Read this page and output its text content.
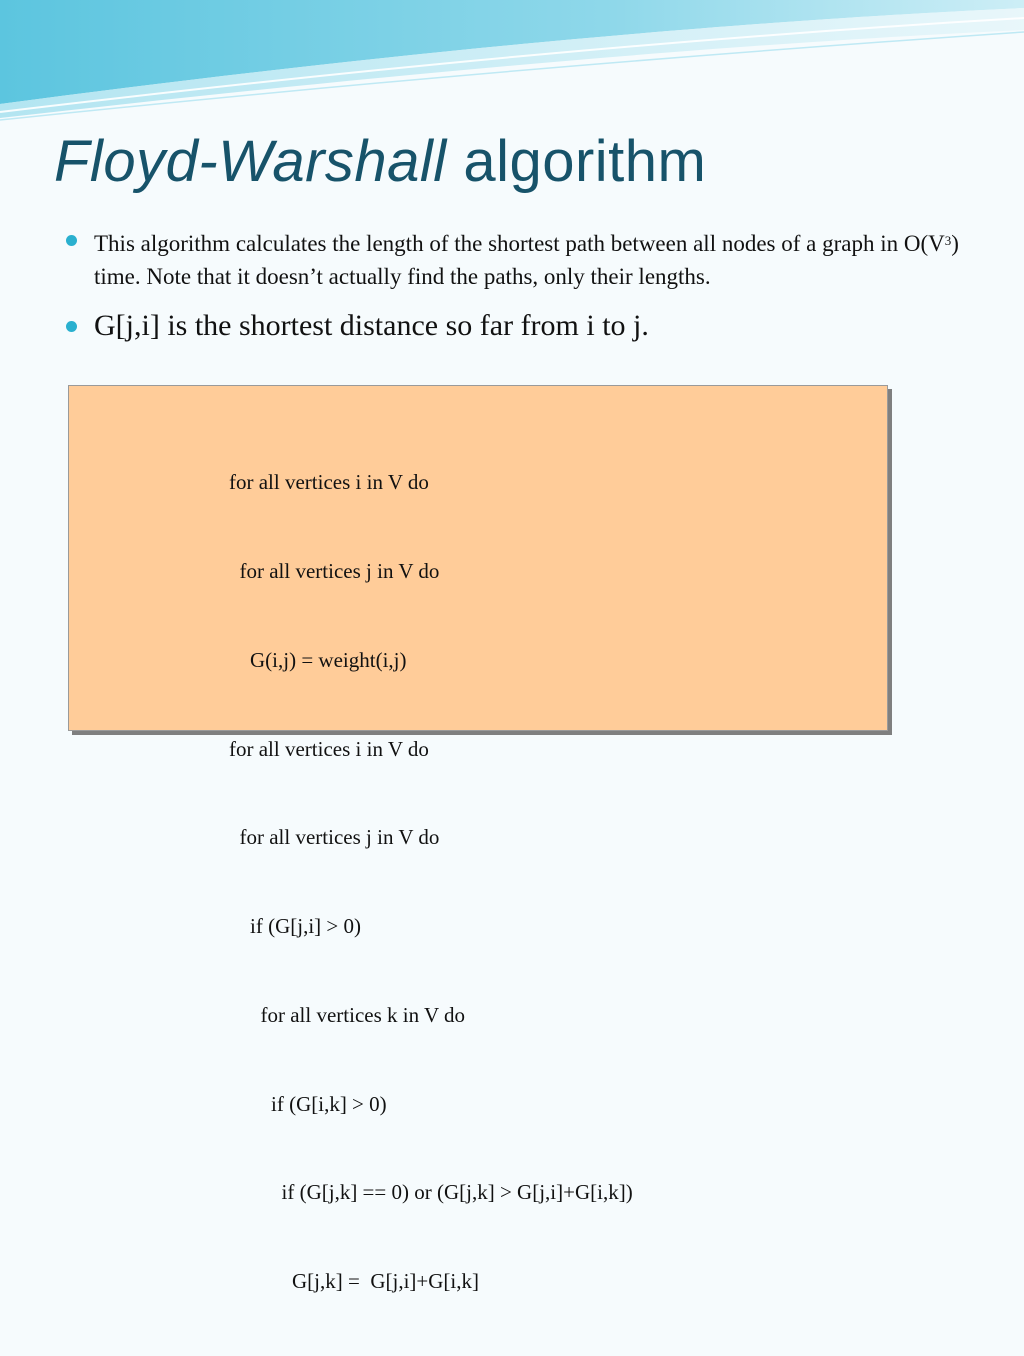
Floyd-Warshall algorithm
This algorithm calculates the length of the shortest path between all nodes of a graph in $O(V^3)$ time. Note that it doesn’t actually find the paths, only their lengths.
G[j,i] is the shortest distance so far from i to j.

for all vertices i in V do

for all vertices j in V do

G(i,j) = weight(i,j)

for all vertices i in V do

for all vertices j in V do

if (G[j,i] > 0)

for all vertices k in V do

if (G[i,k] > 0)

if (G[j,k] == 0) or (G[j,k] > G[j,i]+G[i,k])

G[j,k] =  G[j,i]+G[i,k]
